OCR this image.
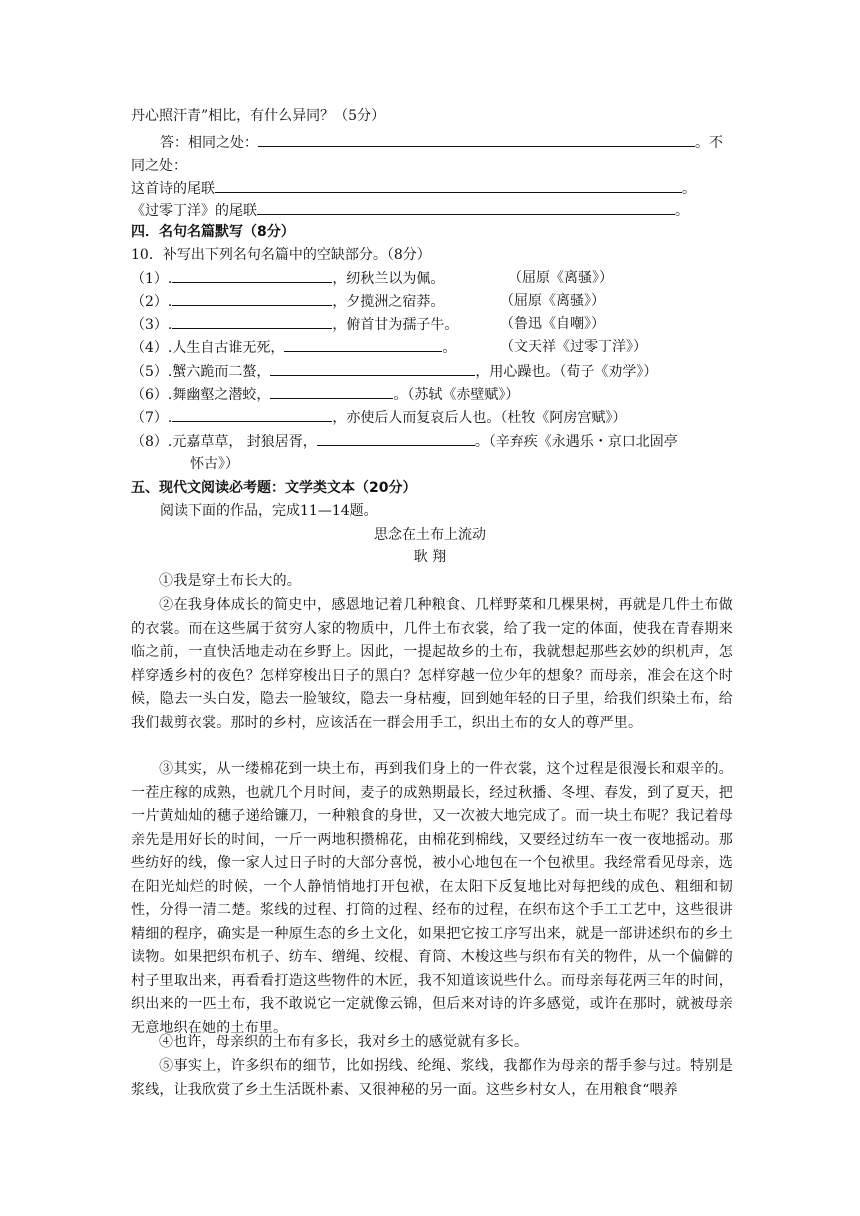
丹心照汗青”相比，有什么异同？（5分）
答：相同之处：	。不
同之处：
这首诗的尾联	。
《过零丁洋》的尾联	。
四．名句名篇默写（8分）
10．补写出下列名句名篇中的空缺部分。（8分）
（1）.	，纫秋兰以为佩。	（屈原《离骚》）
（2）.	，夕揽洲之宿莽。	（屈原《离骚》）
（3）.	，俯首甘为孺子牛。	（鲁迅《自嘲》）
（4）.人生自古谁无死，	。	（文天祥《过零丁洋》）
（5）.蟹六跪而二螯，	，用心躁也。（荀子《劝学》）
（6）.舞幽壑之潜蛟，	。（苏轼《赤壁赋》）
（7）.	，亦使后人而复哀后人也。（杜牧《阿房宫赋》）
（8）.元嘉草草， 封狼居胥，	。（辛弃疾《永遇乐・京口北固亭
怀古》）
五、现代文阅读必考题：文学类文本（20分）
阅读下面的作品，完成11—14题。
思念在土布上流动
耿 翔
①我是穿土布长大的。
②在我身体成长的简史中，感恩地记着几种粮食、几样野菜和几棵果树，再就是几件土布做的衣裳。而在这些属于贫穷人家的物质中，几件土布衣裳，给了我一定的体面，使我在青春期来临之前，一直快活地走动在乡野上。因此，一提起故乡的土布，我就想起那些玄妙的织机声，怎样穿透乡村的夜色？怎样穿梭出日子的黑白？怎样穿越一位少年的想象？而母亲，准会在这个时候，隐去一头白发，隐去一脸皱纹，隐去一身枯瘦，回到她年轻的日子里，给我们织染土布，给我们裁剪衣裳。那时的乡村，应该活在一群会用手工，织出土布的女人的尊严里。
③其实，从一缕棉花到一块土布，再到我们身上的一件衣裳，这个过程是很漫长和艰辛的。一茬庄稼的成熟，也就几个月时间，麦子的成熟期最长，经过秋播、冬埋、春发，到了夏天，把一片黄灿灿的穗子递给镰刀，一种粮食的身世，又一次被大地完成了。而一块土布呢？我记着母亲先是用好长的时间，一斤一两地积攒棉花，由棉花到棉线，又要经过纺车一夜一夜地摇动。那些纺好的线，像一家人过日子时的大部分喜悦，被小心地包在一个包袱里。我经常看见母亲，选在阳光灿烂的时候，一个人静悄悄地打开包袱，在太阳下反复地比对每把线的成色、粗细和韧性，分得一清二楚。浆线的过程、打筒的过程、经布的过程，在织布这个手工工艺中，这些很讲精细的程序，确实是一种原生态的乡土文化，如果把它按工序写出来，就是一部讲述织布的乡土读物。如果把织布机子、纺车、缯绳、绞棍、育筒、木梭这些与织布有关的物件，从一个偏僻的村子里取出来，再看看打造这些物件的木匠，我不知道该说些什么。而母亲每花两三年的时间，织出来的一匹土布，我不敢说它一定就像云锦，但后来对诗的许多感觉，或许在那时，就被母亲无意地织在她的土布里。
④也许，母亲织的土布有多长，我对乡土的感觉就有多长。
⑤事实上，许多织布的细节，比如拐线、纶绳、浆线，我都作为母亲的帮手参与过。特别是浆线，让我欣赏了乡土生活既朴素、又很神秘的另一面。这些乡村女人，在用粮食“喂养
